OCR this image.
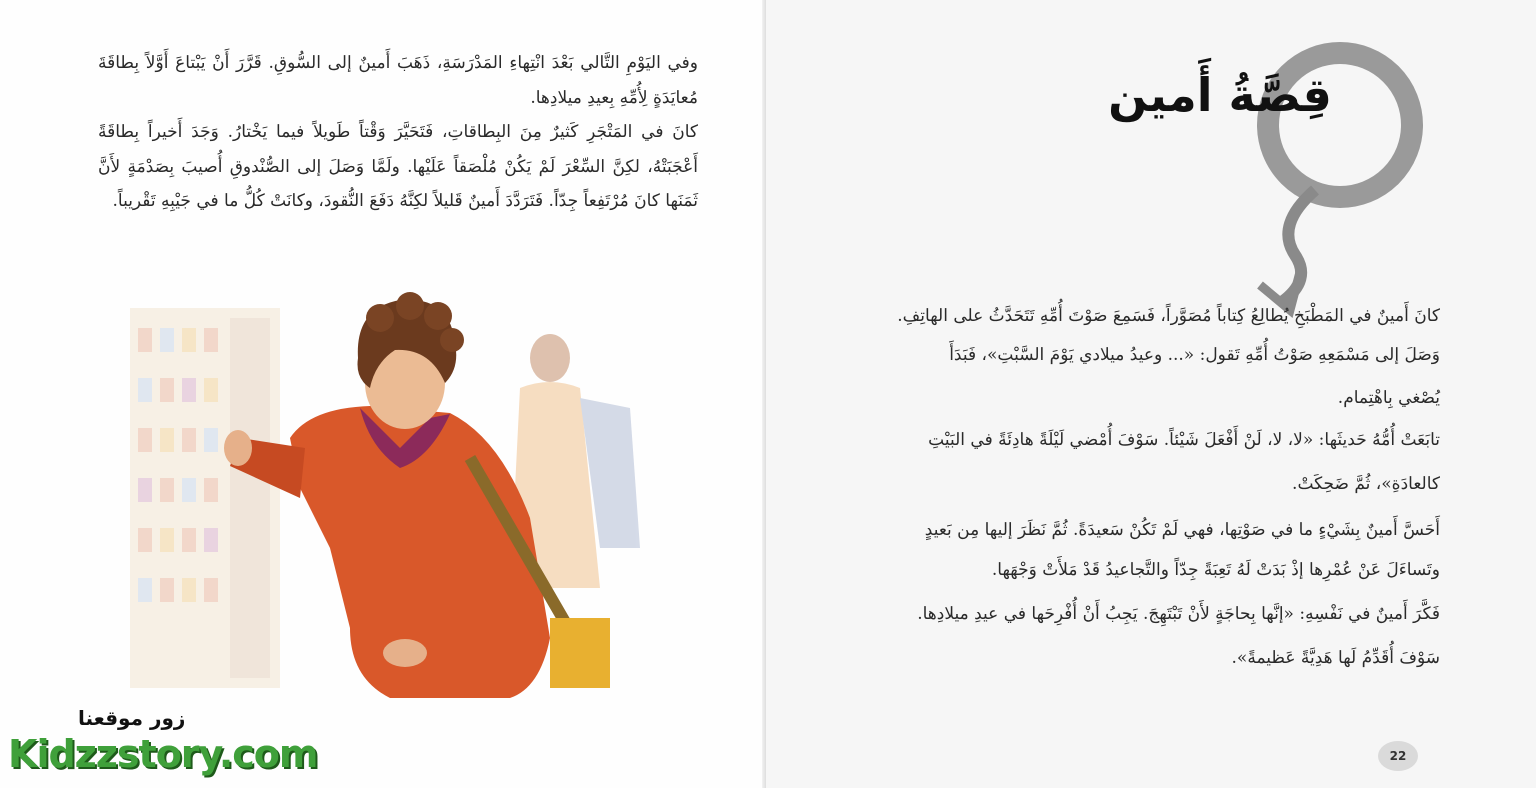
وفي اليَوْمِ التَّالي بَعْدَ انْتِهاءِ المَدْرَسَةِ، ذَهَبَ أَمينٌ إلى السُّوقِ. قَرَّرَ أَنْ يَبْتاعَ أَوَّلاً بِطاقَةَ مُعايَدَةٍ لِأُمِّهِ بِعيدِ ميلادِها.

كانَ في المَتْجَرِ كَثيرٌ مِنَ البِطاقاتِ، فَتَحَيَّرَ وَقْتاً طَويلاً فيما يَخْتارُ. وَجَدَ أَخيراً بِطاقَةً أَعْجَبَتْهُ، لكِنَّ السِّعْرَ لَمْ يَكُنْ مُلْصَقاً عَلَيْها. ولَمَّا وَصَلَ إلى الصُّنْدوقِ أُصيبَ بِصَدْمَةٍ لأَنَّ ثَمَنَها كانَ مُرْتَفِعاً جِدّاً. فَتَرَدَّدَ أَمينٌ قَليلاً لكِنَّهُ دَفَعَ النُّقودَ، وكانَتْ كُلُّ ما في جَيْبِهِ تَقْريباً.

زور موقعنا
Kidzzstory.com
قِصَّةُ أَمين
كانَ أَمينٌ في المَطْبَخِ يُطالِعُ كِتاباً مُصَوَّراً، فَسَمِعَ صَوْتَ أُمِّهِ تَتَحَدَّثُ على الهاتِفِ.
وَصَلَ إلى مَسْمَعِهِ صَوْتُ أُمِّهِ تَقول: «... وعيدُ ميلادي يَوْمَ السَّبْتِ»، فَبَدَأَ
يُصْغي بِاهْتِمام.
تابَعَتْ أُمُّهُ حَديثَها: «لا، لا، لَنْ أَفْعَلَ شَيْئاً. سَوْفَ أُمْضي لَيْلَةً هادِئَةً في البَيْتِ
كالعادَةِ»، ثُمَّ ضَحِكَتْ.
أَحَسَّ أَمينٌ بِشَيْءٍ ما في صَوْتِها، فهي لَمْ تَكُنْ سَعيدَةً. ثُمَّ نَظَرَ إليها مِن بَعيدٍ
وتَساءَلَ عَنْ عُمْرِها إذْ بَدَتْ لَهُ تَعِبَةً جِدّاً والتَّجاعيدُ قَدْ مَلأَتْ وَجْهَها.
فَكَّرَ أَمينٌ في نَفْسِهِ: «إنَّها بِحاجَةٍ لأَنْ تَبْتَهِجَ. يَجِبُ أَنْ أُفْرِحَها في عيدِ ميلادِها.
سَوْفَ أُقَدِّمُ لَها هَدِيَّةً عَظيمةً».
22
